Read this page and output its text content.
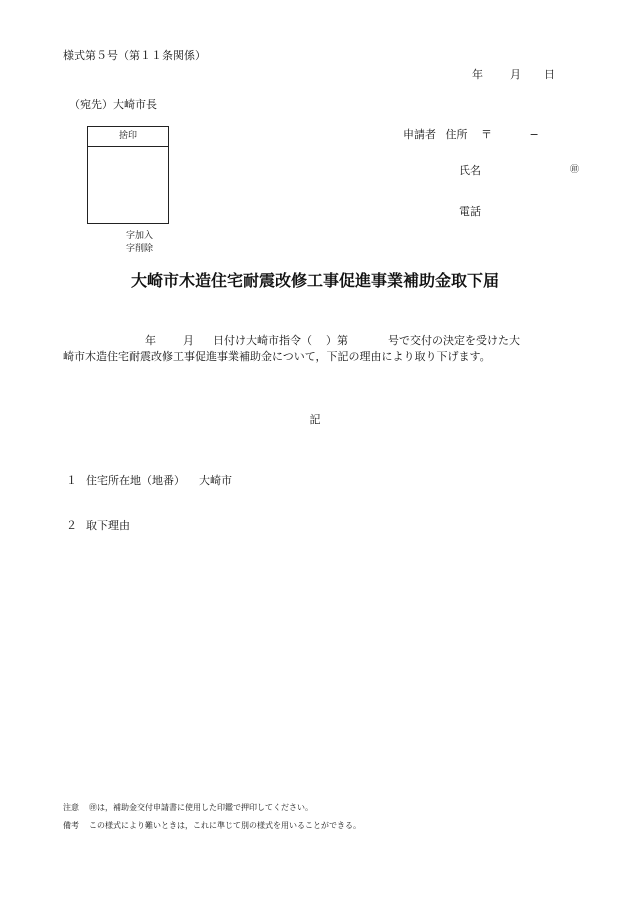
様式第５号（第１１条関係）
年 月 日
（宛先）大崎市長
捨印
字加入
字削除
申請者 住所 〒	−
氏名	㊞
電話
大崎市木造住宅耐震改修工事促進事業補助金取下届
年 月 日付け大崎市指令（ ）第	号で交付の決定を受けた大
崎市木造住宅耐震改修工事促進事業補助金について，下記の理由により取り下げます。
記
１ 住宅所在地（地番） 大崎市
２ 取下理由
注意 ㊞は，補助金交付申請書に使用した印鑑で押印してください。
備考 この様式により難いときは，これに準じて別の様式を用いることができる。
